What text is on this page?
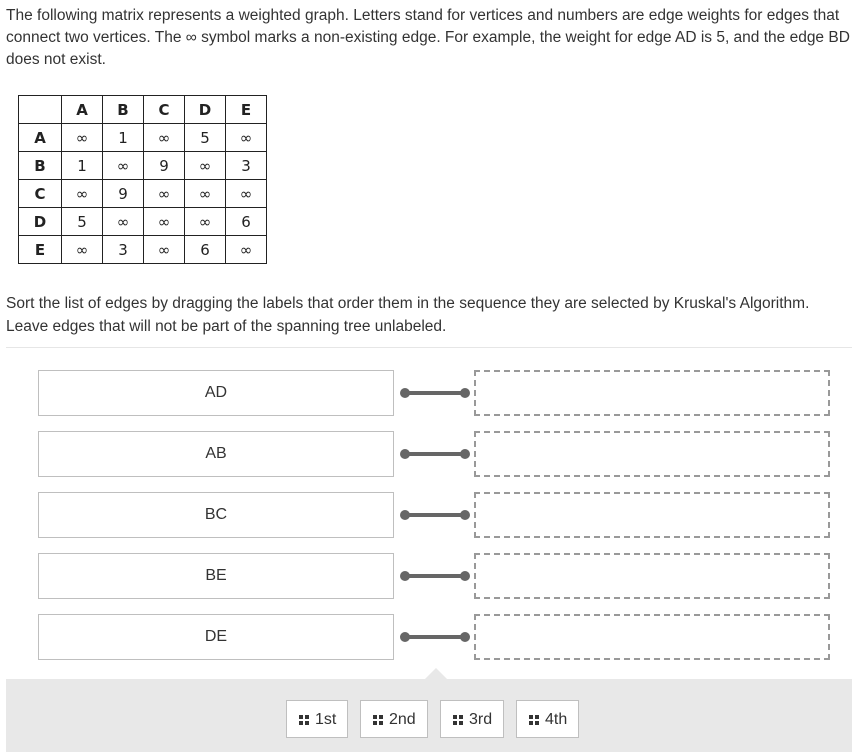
The following matrix represents a weighted graph. Letters stand for vertices and numbers are edge weights for edges that connect two vertices. The ∞ symbol marks a non-existing edge. For example, the weight for edge AD is 5, and the edge BD does not exist.
	A	B	C	D	E
A	∞	1	∞	5	∞
B	1	∞	9	∞	3
C	∞	9	∞	∞	∞
D	5	∞	∞	∞	6
E	∞	3	∞	6	∞
Sort the list of edges by dragging the labels that order them in the sequence they are selected by Kruskal's Algorithm. Leave edges that will not be part of the spanning tree unlabeled.
AD
AB
BC
BE
DE
1st	2nd	3rd	4th
